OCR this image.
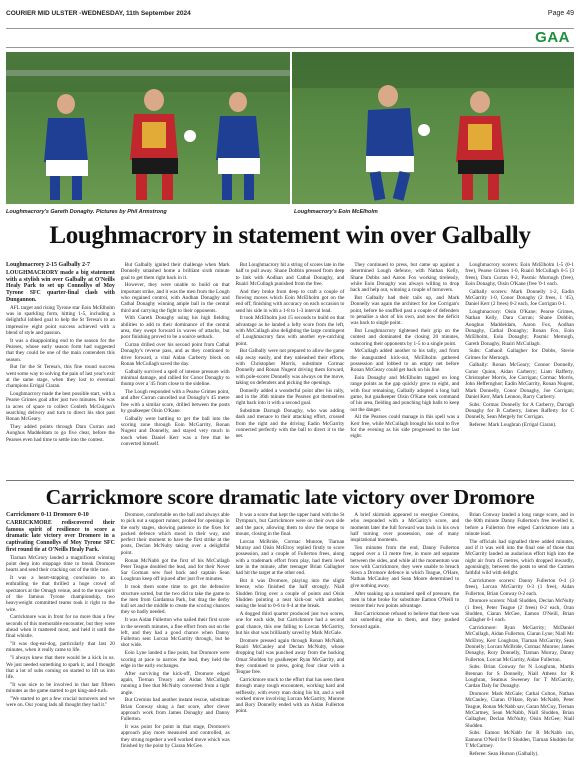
COURIER MID ULSTER -WEDNESDAY, 11th September 2024	Page 49
GAA
Loughmacrory's Gareth Donaghy. Pictures by Phil Armstrong	Loughmacrory's Eoin McElholm
Loughmacrory in statement win over Galbally
Loughmacrory 2-15 Galbally 2-7

LOUGHMACRORY made a big statement with a stylish win over Galbally at O'Neills Healy Park to set up Connollys of Moy Tyrone SFC quarter-final clash with Dungannon.

AFL target and rising Tyrone star Eoin McElholm was in sparkling form, hitting 1-5, including a delightful lobbed goal to help the St Teresa's to an impressive eight point success achieved with a blend of style and passion.

It was a disappointing end to the season for the Pearses, whose early season form had suggested that they could be one of the main contenders this season.

But for the St Teresa's, this fine round success went some way to solving the pain of last year's exit at the same stage, when they lost to eventual champions Errigal Ciaran.

Loughmacrory made the best possible start, with a Pearse Grimes goal after just two minutes. He was in acres of space to collect Conleth McGuigan's searching delivery and turn to direct his shot past Ronan McGeary.

They added points through Dara Curran and Aonghus Maddeldam to go five clear, before the Pearses even had time to settle into the contest.

But Galbally ignited their challenge when Mark Donnelly smashed home a brilliant sixth minute goal to get them right back in it.

However, they were unable to build on that important strike, and it was the men from the Lough who regained control, with Aodhan Donaghy and Cathal Donaghy winning ample ball in the central third and carrying the fight to their opponents.

With Gareth Donaghy using his high fielding abilities to add to their dominance of the central area, they swept forward in waves of attacks, but poor finishing proved to be a source setback.

Curran drilled over his second point from Cathal Donaghy's reverse pass, and as they continued to drive forward, a vital Aidan Carberry block on Ronan McCullagh saved the day.

Galbally survived a spell of intense pressure with minimal damage, and rallied for Conor Donaghy to thump over a '45 from close to the sideline.

The Lough responded with a Pearse Grimes point, and after Curran cancelled out Donaghy's 45 metre free with a similar score, drilled between the posts by goalkeeper Oisin O'Kane.

Galbally were battling to get the ball into the scoring zone through Eoin McGarrity, Ronan Nugent and Donnelly, and stayed very much in touch when Daniel Kerr was a free that he converted himself.

But Loughmacrory hit a string of scores late in the half to pull away. Shane Dobbin pressed from deep to link with Aodhan and Cathal Donaghy, and Ruairi McCullagh punished from the free.

And they broke from deep to craft a couple of flowing moves which Eoin McElholm got on the end off, finishing with accuracy on each occasion to send his side in with a 1-8 to 1-3 interval lead.

It took McElholm just 15 seconds to build on that advantage as he landed a lofty score from the left, with McCullagh also delighting the large contingent of Loughmacrory fans with another eye-catching point.

But Galbally were not prepared to allow the game slip away easily, and they unleashed their efforts, with Christopher Morris, substitute Cormac Donnelly and Ronan Nugent driving them forward, with pole-scorer Donnelly was always on the move, taking on defenders and picking the openings.

Donnelly added a wonderful point after his rally, and in the 36th minute the Pearses got themselves right back into it with a second goal.

Substitute Darragh Donaghy, who was adding dash and menace to their attacking effort, crossed from the right and the driving Eadin McGarrity connected perfectly with the ball to direct it to the net.

They continued to press, but came up against a determined Lough defence, with Nathan Kelly, Shane Dobbs and Aaron Fox working tirelessly, while Eoin Donaghy was always willing to drop back and help out, winning a couple of turnovers.

But Galbally had their tails up, and Mark Donnelly was again the architect for Joe Corrigan's point, before he snuffled past a couple of defenders to penalise a shot of his own, and now the deficit was back to single point.

But Loughmacrory tightened their grip on the contest and dominated the closing 20 minutes, outscoring their opponents by 1-5 to a single point.

McCullagh added another to his tally, and from the inaugurated kick-out, McElholm gathered possession and lobbed to an empty net before Ronan McGeary could get back on his line.

Eoin Donaghy and McElholm tagged on long range points as the gap quickly grew to eight, and with four remaining, Galbally adopted a long ball game, but goalkeeper Oisin O'Kane took command of his area, fielding and punching high balls to keep out the danger.

All the Pearses could manage in this spell was a Kerr free, while McCullagh brought his total to five for the evening as his side progressed to the last eight.

Loughmacrory scorers: Eoin McElholm 1-5 (0-1 free), Pearse Grimes 1-0, Ruairi McCullagh 0-5 (3 frees), Dara Curran 0-2, Pasrnic Murnogh (free), Eoin Donaghy, Oisin O'Kane (free '0-1 each.

Galbally scorers: Mark Donnelly 1-2, Eadin McGarrity 1-0, Conor Donaghy (2 frees, 1 '45), Daniel Kerr (2 frees) 0-2 each, Joe Corrigan 0-1.

Loughmacrory: Oisin O'Kane; Pearse Grimes, Nathan Kelly, Dara Curran; Shane Dobbin, Aonghus Maddeldam, Aaron Fox, Aodhan Donaghy, Cathal Donaghy; Ronan Fox, Eoin McElholm, Eoin Donaghy; Pasrnic Mernogh, Gareth Donaghy, Ruairi McCullagh.

Subs: Cathaoil Gallagher for Dobbs, Stevie Grimes for Mernogh.

Galbally: Ronan McGeary; Connor Donnelly, Conor Quinn, Aidan Carberry; Liam Rafferty, Christopher Morris, Joe Corrigan; Cormac Morris, John Heffernghor; Eadin McGarrity, Ronan Nugent, Mark Donnelly, Conor Donaghy, Joe Corrigan; Daniel Kerr, Mark Lennon, Barry Carberry.

Subs: Cormac Donnelly for A Carberry, Darragh Donaghy for B Carberry, James Rafferty for C Donnelly, Sean Mergely for Corrigan.

Referee: Mark Loughran (Errigal Ciaran).

Carrickmore score dramatic late victory over Dromore
Carrickmore 0-11 Dromore 0-10

CARRICKMORE rediscovered their famous spirit of resilience to score a dramatic late victory over Dromore in a captivating Connollys of Moy Tyrone SFC first round tie at O'Neills Healy Park.

Tiarnan McGrory landed a magnificent winning point deep into stoppage time to break Dromore hearts and send their cracking out of the title race.

It was a heart-stopping conclusion to an enthralling tie that thrilled a huge crowd of spectators at the Omagh venue, and to the true spirit of the famous Tyrone championship, two heavyweight committed teams took it right to the wire.

Carrickmore was in front for no more than a few seconds of this memorable encounter, but they were ahead when it mattered most, and held it until the final whistle.

"It was dog-eat-dog, particularly that last 20 minutes, when it really came to life.

"I always knew that there would be a kick in us. We just needed something to spark it, and I thought that a lot of subs coming on started to lift us into life.

"It was nice to be involved in that last fifteen minutes as the game started to get king-and-tuck.

"We started to get a few crucial turnovers and we were on. Our young lads all thought they had it."

Dromore, comfortable on the ball and always able to pick out a support runner, probed for openings in the early stages, showing patience in the fixes for packed defence which stood in their way, and perfect their moment to have the first strike at the posts, Declan McNulty taking over a delightful point.

Ronan McNabb got the first of his McCullagh Peter Teague doubled the lead, and for their Nover Sar Gorman sew fuel back and captain Sean Loughran keep off injured after just five minutes.

It took them some time to get the defensive structure sorted, but the two did to take the game to the men from Gardamsa Park, but drag the derby hull set and the middle to create the scoring chances they so badly needed.

It was Aidan Fullerton who nailed their first score in the seventh minutes, a fine effort from out on the left, and they had a good chance when Danny Fullerton sent Lorcan McGarrity through, but he shot wide.

Eoin Lyne landed a fine point, but Dromore were scoring at pace to narrow the lead, they held the edge in the early exchanges.

After surviving the kick-off, Dromore edged again, Tiernan Treacy and Aidan McCullagh running a free that McNulty converted from a tight angle.

But Cremins had another instant rescue, substitute Brian Conway slung a fast score, after clever approach work from James Donaghy and Danny Fullerton.

It was point for point in that stage, Dromore's approach play more measured and controlled, as they strung together a well worked move which was finished by the point by Ciaran McGee.

It was a score that kept the upper hand with the St Dympna's, but Carrickmore were on their own side and the pace, allowing them to slow the tempo to mount, closing in the final.

Lorcan McBride, Cormac Munroe, Tiarnan Murray and Oisin McElroy replied firstly to score possession, and a couple of Fullerton frees, along with a trademark effort from play, had them level late in the minute, after teenager Brian Gallagher had hit the target at the other end.

But it was Dromore, playing into the slight breeze, who finished the half strongly. Niall Sludden firing over a couple of points and Oisin Sludden pointing a neat kick-out with another, easing the lead to 0-6 to 0-4 at the break.

A dogged third quarter produced just two scores, one for each side, but Carrickmore had a second goal chance, this one falling to Lorcan McGarrity, but his shot was brilliantly saved by Mark McGale.

Dromore pressed again through Ronan McNabb, Ruairi McCauley and Declan McNulty, whose dropping ball was punched away from the backing Omar Sludden by goalkeeper Ryan McGarrity, and they continued to press, going four clear with a Teague free.

Carrickmore stuck to the effort that has seen them through many tough encounters, working hard and selflessly, with every man doing his bit, and a well worked move involving Lorcan McGarrity, Munroe and Rory Donnelly ended with an Aidan Fullerton point.

A brief skirmish appeared to energise Cremins, who responded with a McGarity's score, and moments later the full forward was back in his own half turning over possession, one of many inspirational moments.

Ten minutes from the end, Danny Fullerton tapped over a 13 metre free, in more ard separate between the sides, and while all the momentum was now with Carrickmore, they were unable to breach down a Dromore defence in which Teague, O'Hare, Nathan McCauley and Sean Moore determined to give nothing away.

After soaking up a sustained spell of pressure, the men in blue broke for substitute Eamon O'Neill to restore their two points advantage.

But Carrickmore refused to believe that there was not something else in them, and they pushed forward again.

Brian Conway landed a long range score, and in the 60th minute Danny Fullerton's free levelled it, before a Fullerton free edged Carrickmore into a minute lead.

The officials had signalled three added minutes, and if it was well into the final one of those that McGarrity landed an audacious effort high into the night air from 45 metres, which dropped inwardly, agonisingly, between the posts to send the Carmen faithful wild with delight.

Carrickmore scorers: Danny Fullerton 0-4 (3 frees), Lorcan McGarrity 0-3 (1 free), Aidan Fullerton, Brian Conway 0-2 each.

Dromore scorers: Niall Sludden, Declan McNulty (1 free), Peter Teague (2 frees) 0-2 each, Oran Sludden, Ciaran McGee, Eamon O'Neill, Brian Gallagher 0-1 each.

Carrickmore: Ryan McGarrity; McDaniel McCullagh, Aidan Fullerton, Ciaran Lyne; Niall Mc McElroy, Kerr Loughran, Tiarnan McGarrity, Sean Donnelly; Lorcan McBride, Cormac Munroe; James Donaghy, Rory Donnelly, Tiarnan Murray, Danny Fullerton, Lorcan McGarrity, Aidan Fullerton.

Subs: Brian Conway for N Loughran, Martin Brennan for S Donnelly, Niall Athens for R Loughran, Seamus Sweeney for T McGarrity, Cardan Daly for Donaghy.

Dromore: Mark McGale; Cathal Colton, Nathan McCauley, Ciaran O'Hare, Ryan McNabb, Peter Teague, Ronan McNabb sav, Garan McCoy, Tiernan McCartney, Sean McNabb, Niall Sludden, Brian Gallagher, Declan McNulty, Oisin McGee; Niall Sludden.

Subs: Eamon McNabb for R McNabb inn, Eamonn O'Neill for O Sludden, Tiarnan Sludden for T McCartney.

Referee: Sean Hurson (Galbally).
